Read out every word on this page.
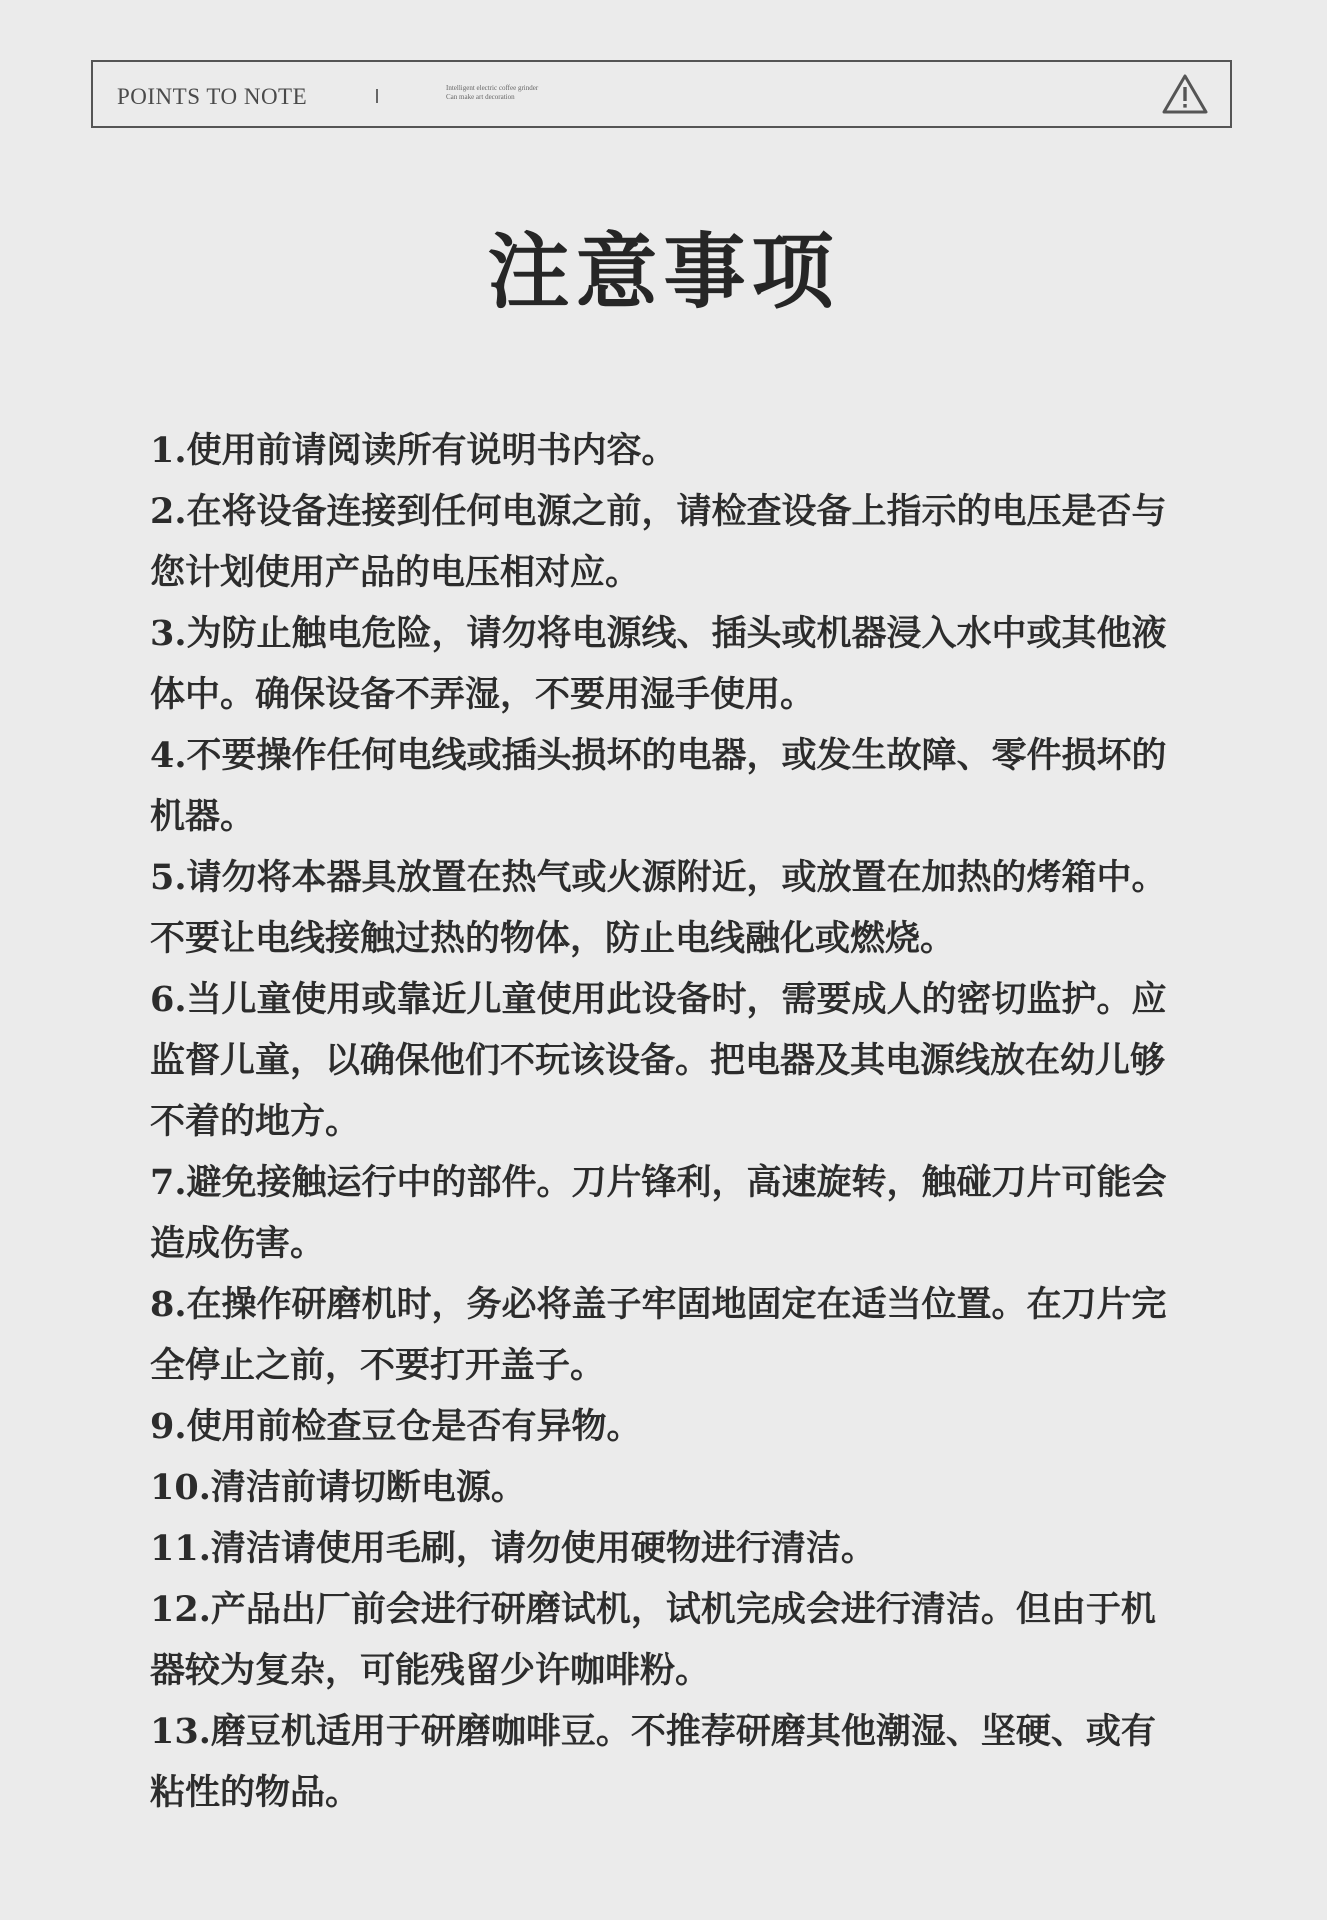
POINTS TO NOTE	Intelligent electric coffee grinder
Can make art decoration
注意事项

1.使用前请阅读所有说明书内容。

2.在将设备连接到任何电源之前，请检查设备上指示的电压是否与您计划使用产品的电压相对应。

3.为防止触电危险，请勿将电源线、插头或机器浸入水中或其他液体中。确保设备不弄湿，不要用湿手使用。

4.不要操作任何电线或插头损坏的电器，或发生故障、零件损坏的机器。

5.请勿将本器具放置在热气或火源附近，或放置在加热的烤箱中。不要让电线接触过热的物体，防止电线融化或燃烧。

6.当儿童使用或靠近儿童使用此设备时，需要成人的密切监护。应监督儿童，以确保他们不玩该设备。把电器及其电源线放在幼儿够不着的地方。

7.避免接触运行中的部件。刀片锋利，高速旋转，触碰刀片可能会造成伤害。

8.在操作研磨机时，务必将盖子牢固地固定在适当位置。在刀片完全停止之前，不要打开盖子。

9.使用前检查豆仓是否有异物。

10.清洁前请切断电源。

11.清洁请使用毛刷，请勿使用硬物进行清洁。

12.产品出厂前会进行研磨试机，试机完成会进行清洁。但由于机器较为复杂，可能残留少许咖啡粉。

13.磨豆机适用于研磨咖啡豆。不推荐研磨其他潮湿、坚硬、或有粘性的物品。
